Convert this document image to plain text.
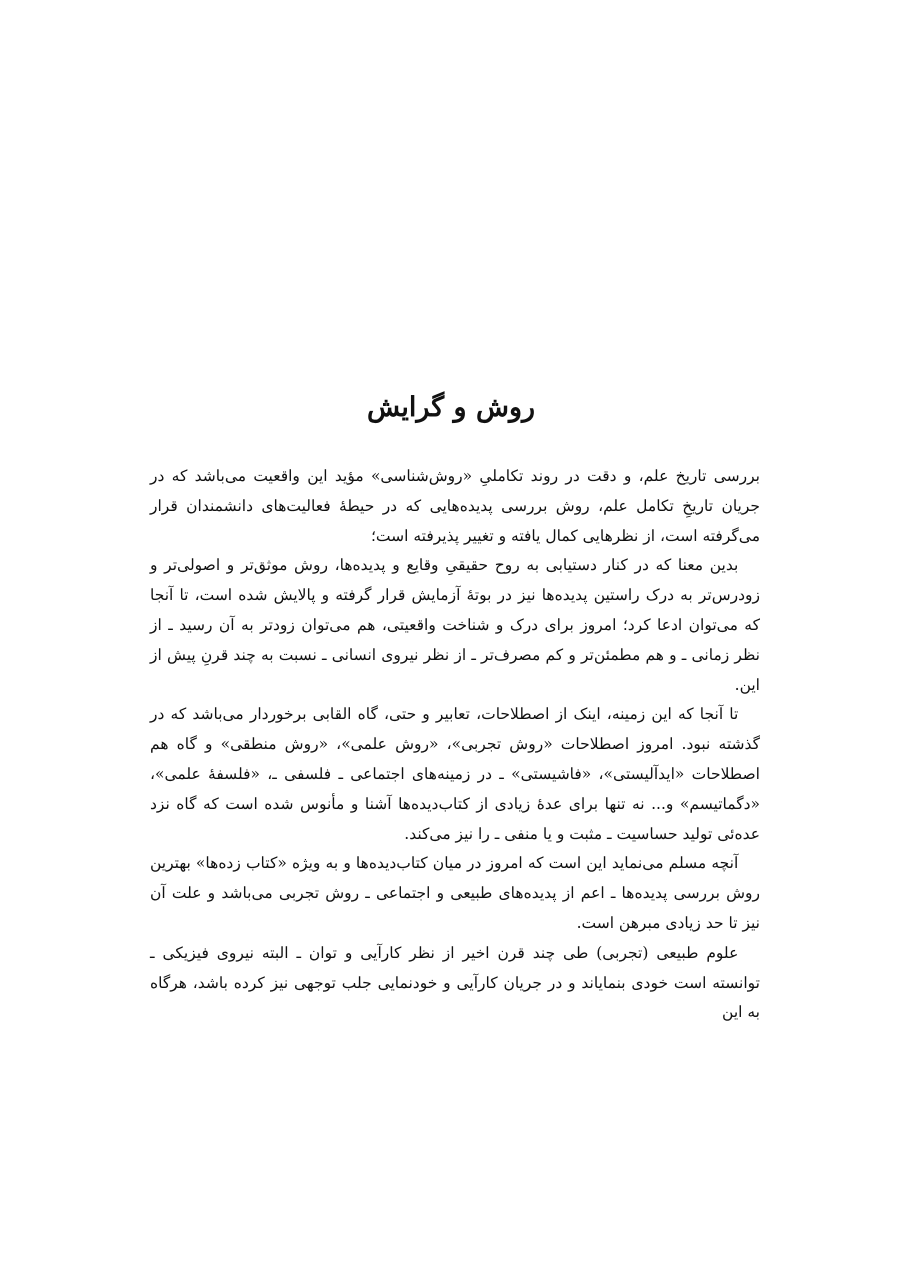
روش و گرایش

بررسی تاریخ علم، و دقت در روند تکاملیِ «روش‌شناسی» مؤید این واقعیت می‌باشد که در جریان تاریخِ تکامل علم، روش بررسی پدیده‌هایی که در حیطهٔ فعالیت‌های دانشمندان قرار می‌گرفته است، از نظرهایی کمال یافته و تغییر پذیرفته است؛

بدین معنا که در کنار دستیابی به روح حقیقیِ وقایع و پدیده‌ها، روش موثق‌تر و اصولی‌تر و زودرس‌تر به درک راستین پدیده‌ها نیز در بوتهٔ آزمایش قرار گرفته و پالایش شده است، تا آنجا که می‌توان ادعا کرد؛ امروز برای درک و شناخت واقعیتی، هم می‌توان زودتر به آن رسید ـ از نظر زمانی ـ و هم مطمئن‌تر و کم مصرف‌تر ـ از نظر نیروی انسانی ـ نسبت به چند قرنِ پیش از این.

تا آنجا که این زمینه، اینک از اصطلاحات، تعابیر و حتی، گاه القابی برخوردار می‌باشد که در گذشته نبود. امروز اصطلاحات «روش تجربی»، «روش علمی»، «روش منطقی» و گاه هم اصطلاحات «ایدآلیستی»، «فاشیستی» ـ در زمینه‌های اجتماعی ـ فلسفی ـ، «فلسفهٔ علمی»، «دگماتیسم» و... نه تنها برای عدهٔ زیادی از کتاب‌دیده‌ها آشنا و مأنوس شده است که گاه نزد عده‌ئی تولید حساسیت ـ مثبت و یا منفی ـ را نیز می‌کند.

آنچه مسلم می‌نماید این است که امروز در میان کتاب‌دیده‌ها و به ویژه «کتاب زده‌ها» بهترین روش بررسی پدیده‌ها ـ اعم از پدیده‌های طبیعی و اجتماعی ـ روش تجربی می‌باشد و علت آن نیز تا حد زیادی مبرهن است.

علوم طبیعی (تجربی) طی چند قرن اخیر از نظر کارآیی و توان ـ البته نیروی فیزیکی ـ توانسته است خودی بنمایاند و در جریان کارآیی و خودنمایی جلب توجهی نیز کرده باشد، هرگاه به این
